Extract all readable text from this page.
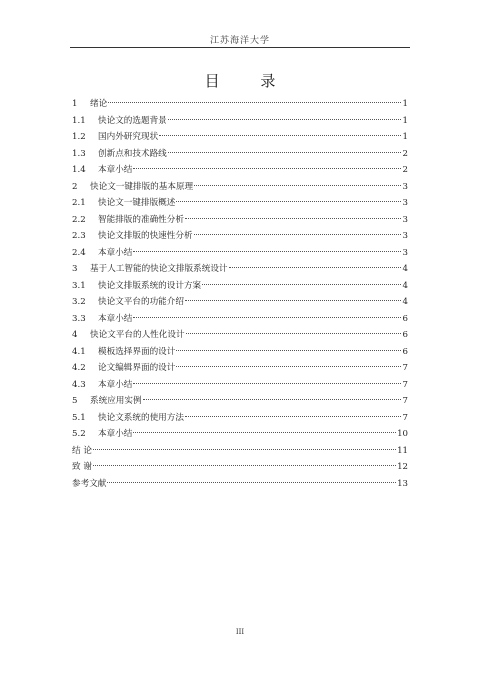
江苏海洋大学
目 录
1	绪论	1
1.1	快论文的选题背景	1
1.2	国内外研究现状	1
1.3	创新点和技术路线	2
1.4	本章小结	2
2	快论文一键排版的基本原理	3
2.1	快论文一键排版概述	3
2.2	智能排版的准确性分析	3
2.3	快论文排版的快速性分析	3
2.4	本章小结	3
3	基于人工智能的快论文排版系统设计	4
3.1	快论文排版系统的设计方案	4
3.2	快论文平台的功能介绍	4
3.3	本章小结	6
4	快论文平台的人性化设计	6
4.1	模板选择界面的设计	6
4.2	论文编辑界面的设计	7
4.3	本章小结	7
5	系统应用实例	7
5.1	快论文系统的使用方法	7
5.2	本章小结	10
结 论	11
致 谢	12
参考文献	13
III
